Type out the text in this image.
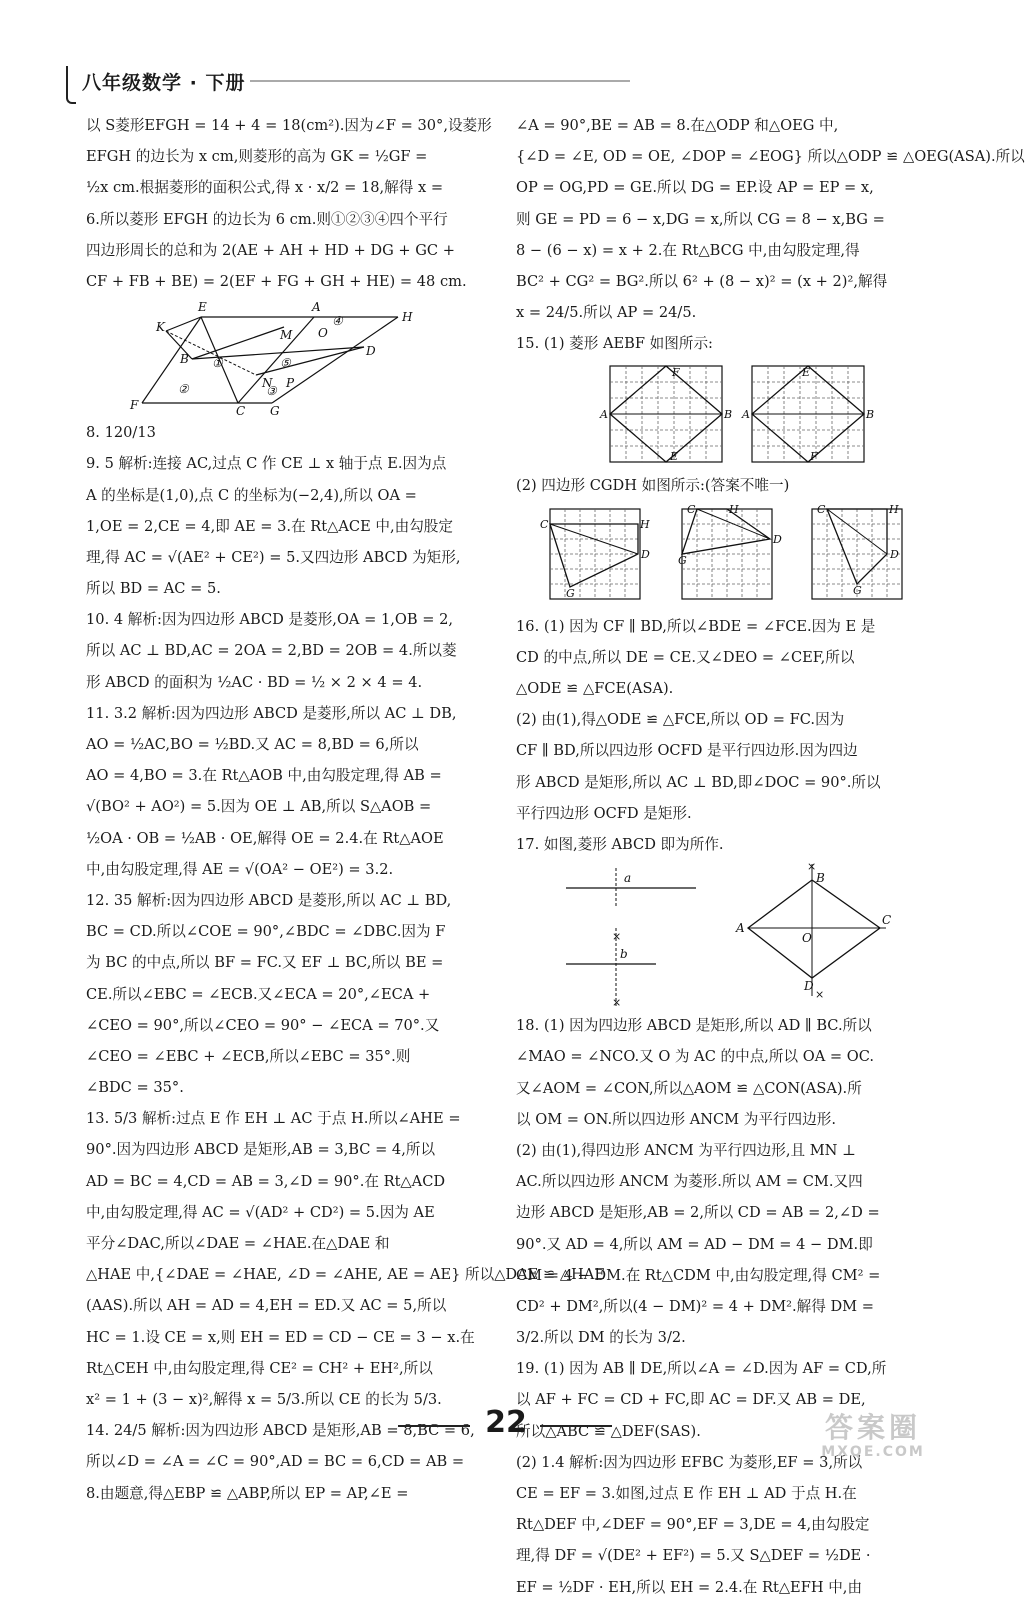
八年级数学 · 下册
以 S菱形EFGH = 14 + 4 = 18(cm²).因为∠F = 30°,设菱形
EFGH 的边长为 x cm,则菱形的高为 GK = ½GF =
½x cm.根据菱形的面积公式,得 x · x/2 = 18,解得 x =
6.所以菱形 EFGH 的边长为 6 cm.则①②③④四个平行
四边形周长的总和为 2(AE + AH + HD + DG + GC +
CF + FB + BE) = 2(EF + FG + GH + HE) = 48 cm.
E	A
H
K
M O
B
D
N
F
P
C G
①
②	③
④
⑤
8. 120/13
9. 5 解析:连接 AC,过点 C 作 CE ⊥ x 轴于点 E.因为点
A 的坐标是(1,0),点 C 的坐标为(−2,4),所以 OA =
1,OE = 2,CE = 4,即 AE = 3.在 Rt△ACE 中,由勾股定
理,得 AC = √(AE² + CE²) = 5.又四边形 ABCD 为矩形,
所以 BD = AC = 5.
10. 4 解析:因为四边形 ABCD 是菱形,OA = 1,OB = 2,
所以 AC ⊥ BD,AC = 2OA = 2,BD = 2OB = 4.所以菱
形 ABCD 的面积为 ½AC · BD = ½ × 2 × 4 = 4.
11. 3.2 解析:因为四边形 ABCD 是菱形,所以 AC ⊥ DB,
AO = ½AC,BO = ½BD.又 AC = 8,BD = 6,所以
AO = 4,BO = 3.在 Rt△AOB 中,由勾股定理,得 AB =
√(BO² + AO²) = 5.因为 OE ⊥ AB,所以 S△AOB =
½OA · OB = ½AB · OE,解得 OE = 2.4.在 Rt△AOE
中,由勾股定理,得 AE = √(OA² − OE²) = 3.2.
12. 35 解析:因为四边形 ABCD 是菱形,所以 AC ⊥ BD,
BC = CD.所以∠COE = 90°,∠BDC = ∠DBC.因为 F
为 BC 的中点,所以 BF = FC.又 EF ⊥ BC,所以 BE =
CE.所以∠EBC = ∠ECB.又∠ECA = 20°,∠ECA +
∠CEO = 90°,所以∠CEO = 90° − ∠ECA = 70°.又
∠CEO = ∠EBC + ∠ECB,所以∠EBC = 35°.则
∠BDC = 35°.
13. 5/3 解析:过点 E 作 EH ⊥ AC 于点 H.所以∠AHE =
90°.因为四边形 ABCD 是矩形,AB = 3,BC = 4,所以
AD = BC = 4,CD = AB = 3,∠D = 90°.在 Rt△ACD
中,由勾股定理,得 AC = √(AD² + CD²) = 5.因为 AE
平分∠DAC,所以∠DAE = ∠HAE.在△DAE 和
△HAE 中,{∠DAE = ∠HAE, ∠D = ∠AHE, AE = AE} 所以△DAE ≌ △HAE
(AAS).所以 AH = AD = 4,EH = ED.又 AC = 5,所以
HC = 1.设 CE = x,则 EH = ED = CD − CE = 3 − x.在
Rt△CEH 中,由勾股定理,得 CE² = CH² + EH²,所以
x² = 1 + (3 − x)²,解得 x = 5/3.所以 CE 的长为 5/3.
14. 24/5 解析:因为四边形 ABCD 是矩形,AB = 8,BC = 6,
所以∠D = ∠A = ∠C = 90°,AD = BC = 6,CD = AB =
8.由题意,得△EBP ≌ △ABP,所以 EP = AP,∠E =
∠A = 90°,BE = AB = 8.在△ODP 和△OEG 中,
{∠D = ∠E, OD = OE, ∠DOP = ∠EOG} 所以△ODP ≌ △OEG(ASA).所以
OP = OG,PD = GE.所以 DG = EP.设 AP = EP = x,
则 GE = PD = 6 − x,DG = x,所以 CG = 8 − x,BG =
8 − (6 − x) = x + 2.在 Rt△BCG 中,由勾股定理,得
BC² + CG² = BG².所以 6² + (8 − x)² = (x + 2)²,解得
x = 24/5.所以 AP = 24/5.
15. (1) 菱形 AEBF 如图所示:
A
F
B
E
E
A	B
F
(2) 四边形 CGDH 如图所示:(答案不唯一)
C	H
D
G
C	H
D
G
C	H
D
G
16. (1) 因为 CF ∥ BD,所以∠BDE = ∠FCE.因为 E 是
CD 的中点,所以 DE = CE.又∠DEO = ∠CEF,所以
△ODE ≌ △FCE(ASA).
(2) 由(1),得△ODE ≌ △FCE,所以 OD = FC.因为
CF ∥ BD,所以四边形 OCFD 是平行四边形.因为四边
形 ABCD 是矩形,所以 AC ⊥ BD,即∠DOC = 90°.所以
平行四边形 OCFD 是矩形.
17. 如图,菱形 ABCD 即为所作.
a
b
×
×
A
B
C
D
O
×
×
18. (1) 因为四边形 ABCD 是矩形,所以 AD ∥ BC.所以
∠MAO = ∠NCO.又 O 为 AC 的中点,所以 OA = OC.
又∠AOM = ∠CON,所以△AOM ≌ △CON(ASA).所
以 OM = ON.所以四边形 ANCM 为平行四边形.
(2) 由(1),得四边形 ANCM 为平行四边形,且 MN ⊥
AC.所以四边形 ANCM 为菱形.所以 AM = CM.又四
边形 ABCD 是矩形,AB = 2,所以 CD = AB = 2,∠D =
90°.又 AD = 4,所以 AM = AD − DM = 4 − DM.即
CM = 4 − DM.在 Rt△CDM 中,由勾股定理,得 CM² =
CD² + DM²,所以(4 − DM)² = 4 + DM².解得 DM =
3/2.所以 DM 的长为 3/2.
19. (1) 因为 AB ∥ DE,所以∠A = ∠D.因为 AF = CD,所
以 AF + FC = CD + FC,即 AC = DF.又 AB = DE,
所以△ABC ≌ △DEF(SAS).
(2) 1.4 解析:因为四边形 EFBC 为菱形,EF = 3,所以
CE = EF = 3.如图,过点 E 作 EH ⊥ AD 于点 H.在
Rt△DEF 中,∠DEF = 90°,EF = 3,DE = 4,由勾股定
理,得 DF = √(DE² + EF²) = 5.又 S△DEF = ½DE ·
EF = ½DF · EH,所以 EH = 2.4.在 Rt△EFH 中,由
22	答案圈
MXQE.COM
